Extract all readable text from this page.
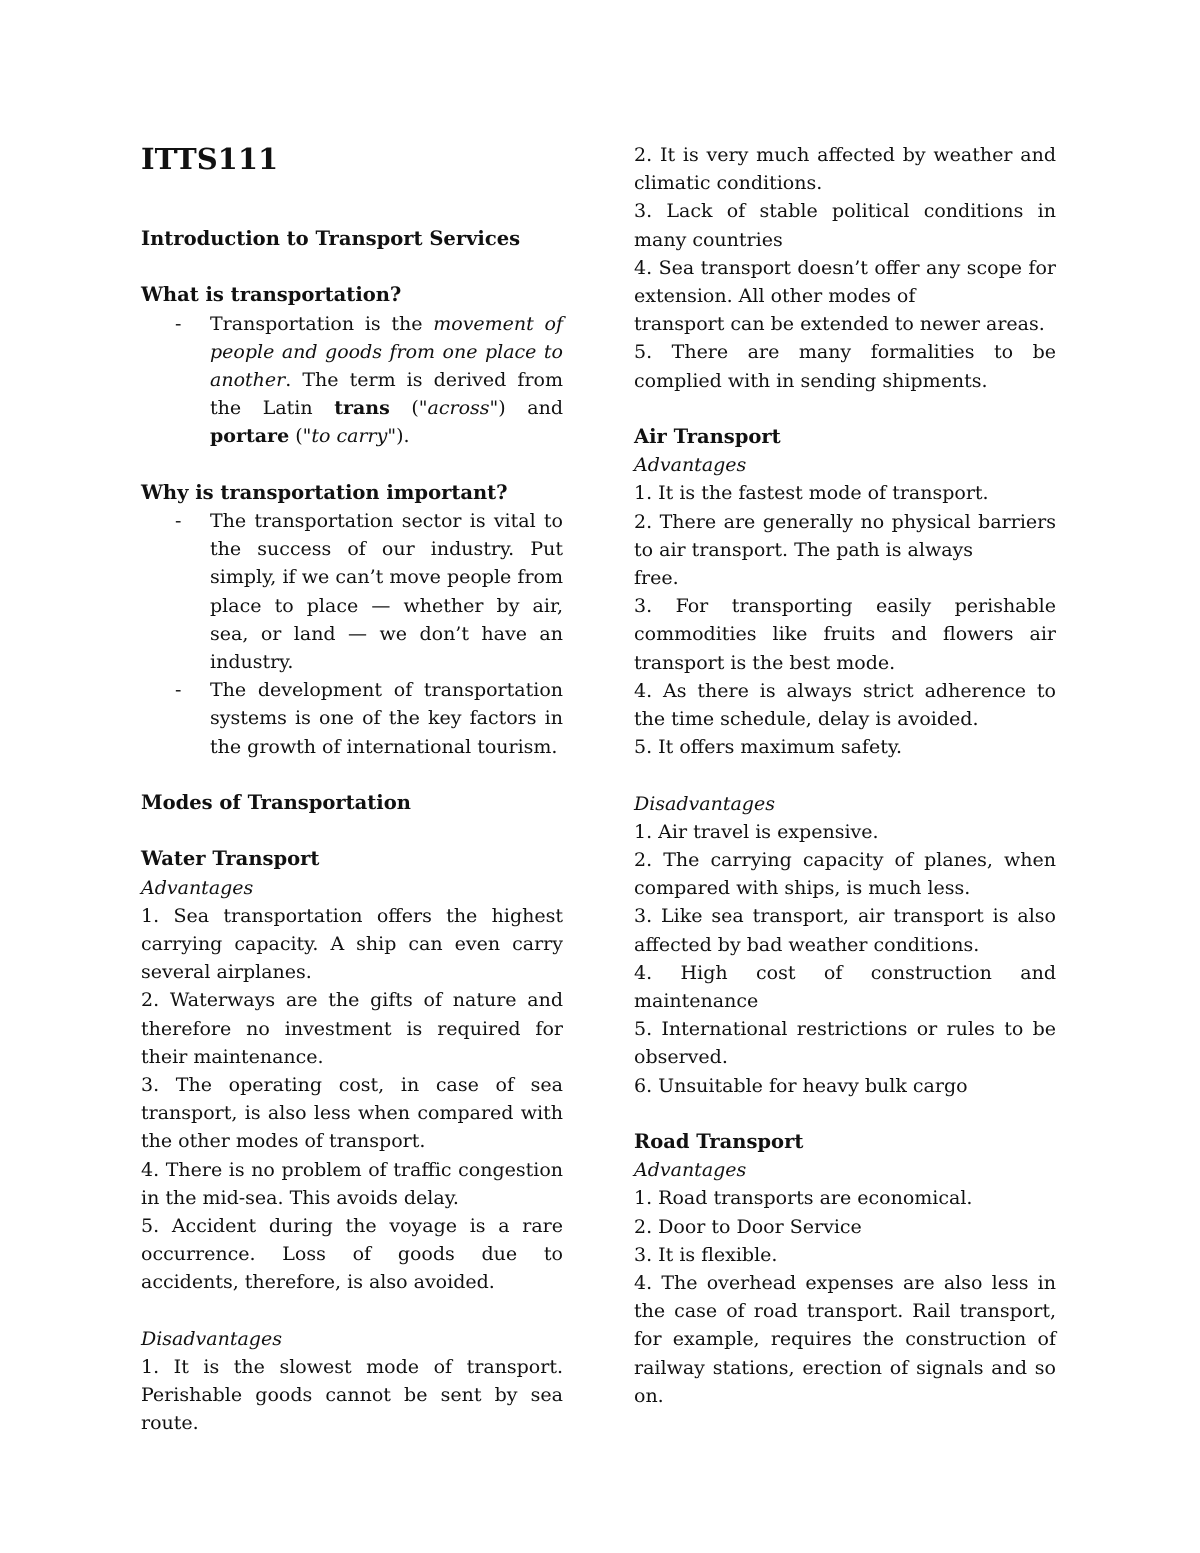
ITTS111
Introduction to Transport Services
What is transportation?
- Transportation is the movement of people and goods from one place to another. The term is derived from the Latin trans ("across") and portare ("to carry").
Why is transportation important?
- The transportation sector is vital to the success of our industry. Put simply, if we can’t move people from place to place — whether by air, sea, or land — we don’t have an industry.
- The development of transportation systems is one of the key factors in the growth of international tourism.
Modes of Transportation
Water Transport
Advantages

1. Sea transportation offers the highest carrying capacity. A ship can even carry several airplanes.

2. Waterways are the gifts of nature and therefore no investment is required for their maintenance.

3. The operating cost, in case of sea transport, is also less when compared with the other modes of transport.

4. There is no problem of traffic congestion in the mid-sea. This avoids delay.

5. Accident during the voyage is a rare occurrence. Loss of goods due to accidents, therefore, is also avoided.

Disadvantages

1. It is the slowest mode of transport. Perishable goods cannot be sent by sea route.

2. It is very much affected by weather and climatic conditions.

3. Lack of stable political conditions in many countries

4. Sea transport doesn’t offer any scope for extension. All other modes of

transport can be extended to newer areas.

5. There are many formalities to be complied with in sending shipments.

Air Transport
Advantages

1. It is the fastest mode of transport.

2. There are generally no physical barriers to air transport. The path is always

free.

3. For transporting easily perishable commodities like fruits and flowers air transport is the best mode.

4. As there is always strict adherence to the time schedule, delay is avoided.

5. It offers maximum safety.

Disadvantages

1. Air travel is expensive.

2. The carrying capacity of planes, when compared with ships, is much less.

3. Like sea transport, air transport is also affected by bad weather conditions.

4. High cost of construction and maintenance

5. International restrictions or rules to be observed.

6. Unsuitable for heavy bulk cargo

Road Transport
Advantages

1. Road transports are economical.

2. Door to Door Service

3. It is flexible.

4. The overhead expenses are also less in the case of road transport. Rail transport, for example, requires the construction of railway stations, erection of signals and so on.
